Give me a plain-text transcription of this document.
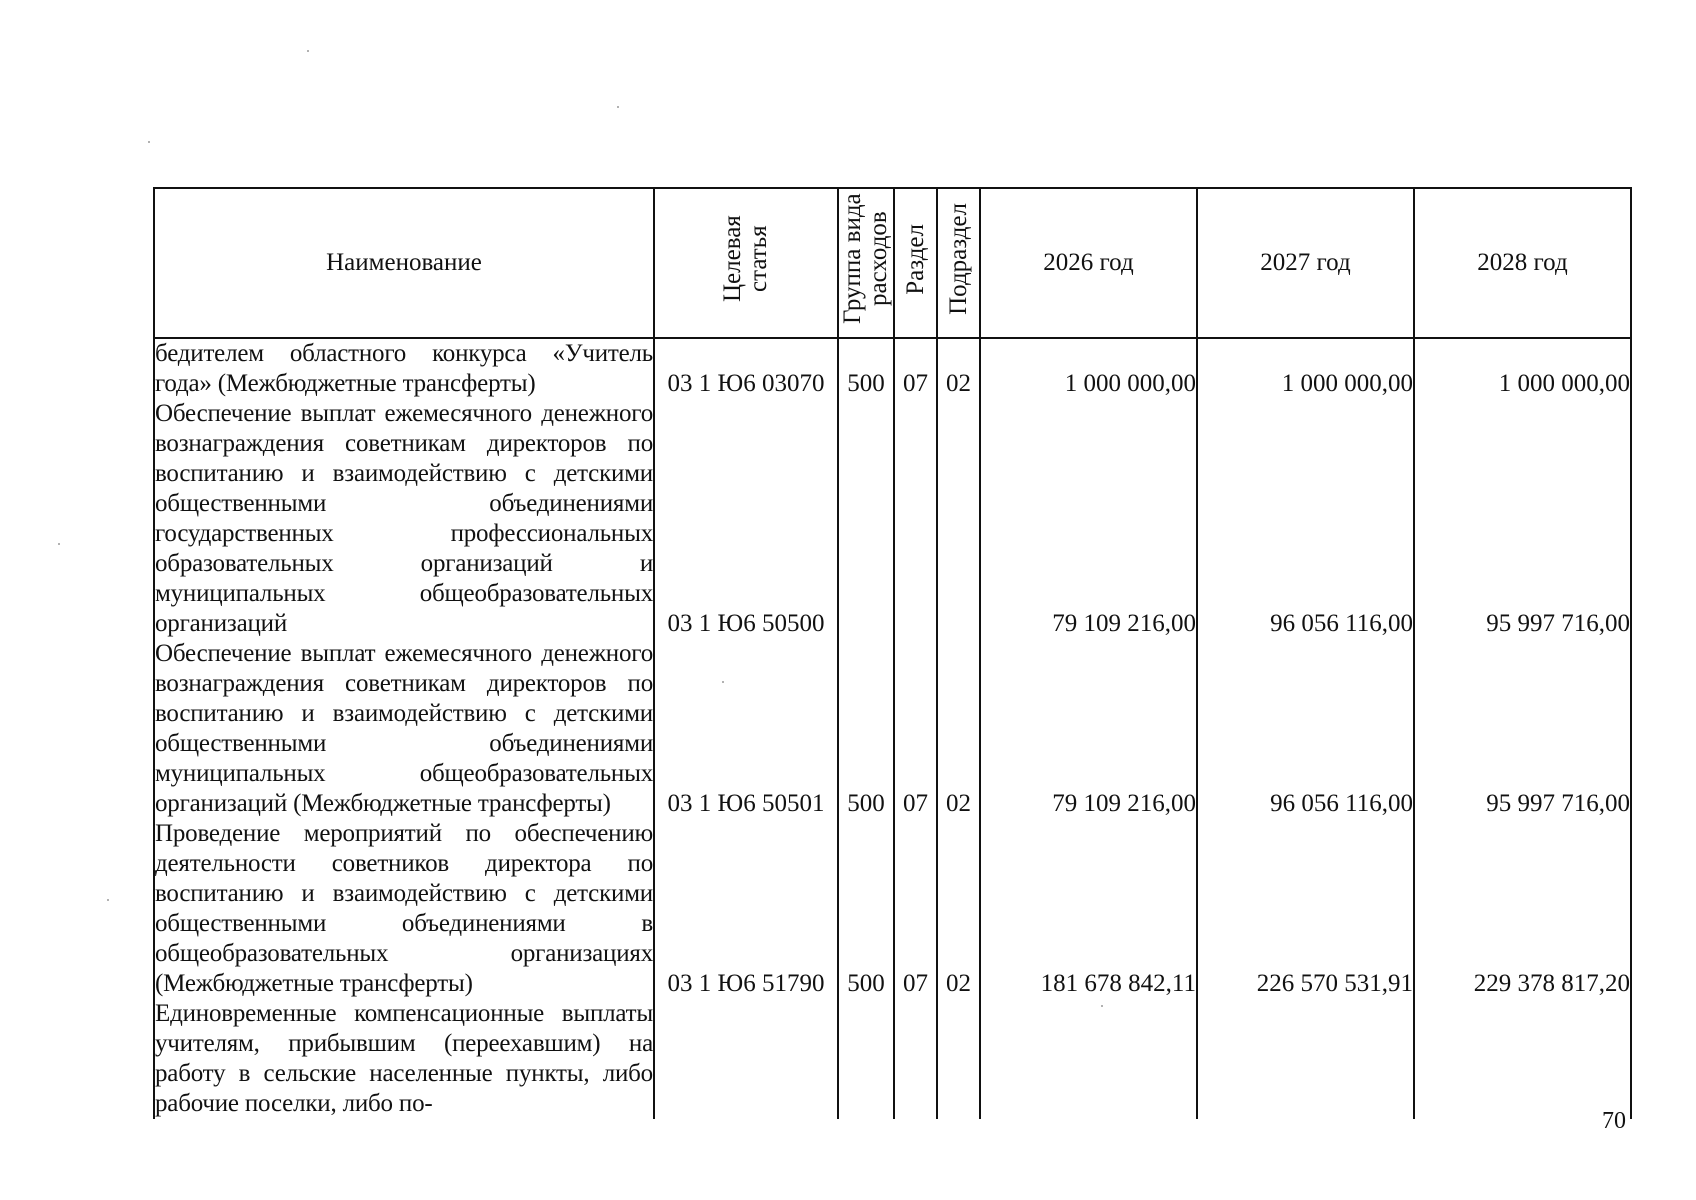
Наименование	Целевая статья	Группа вида расходов	Раздел	Подраздел	2026 год	2027 год	2028 год
бедителем областного конкурса «Учитель года» (Межбюджетные трансферты)	03 1 Ю6 03070	500	07	02	1 000 000,00	1 000 000,00	1 000 000,00
Обеспечение выплат ежемесячного денежного вознаграждения советникам директоров по воспитанию и взаимодействию с детскими общественными объединениями государственных профессиональных образовательных организаций и муниципальных общеобразовательных организаций	03 1 Ю6 50500				79 109 216,00	96 056 116,00	95 997 716,00
Обеспечение выплат ежемесячного денежного вознаграждения советникам директоров по воспитанию и взаимодействию с детскими общественными объединениями муниципальных общеобразовательных организаций (Межбюджетные трансферты)	03 1 Ю6 50501	500	07	02	79 109 216,00	96 056 116,00	95 997 716,00
Проведение мероприятий по обеспечению деятельности советников директора по воспитанию и взаимодействию с детскими общественными объединениями в общеобразовательных организациях (Межбюджетные трансферты)	03 1 Ю6 51790	500	07	02	181 678 842,11	226 570 531,91	229 378 817,20
Единовременные компенсационные выплаты учителям, прибывшим (переехавшим) на работу в сельские населенные пункты, либо рабочие поселки, либо по-							
70
